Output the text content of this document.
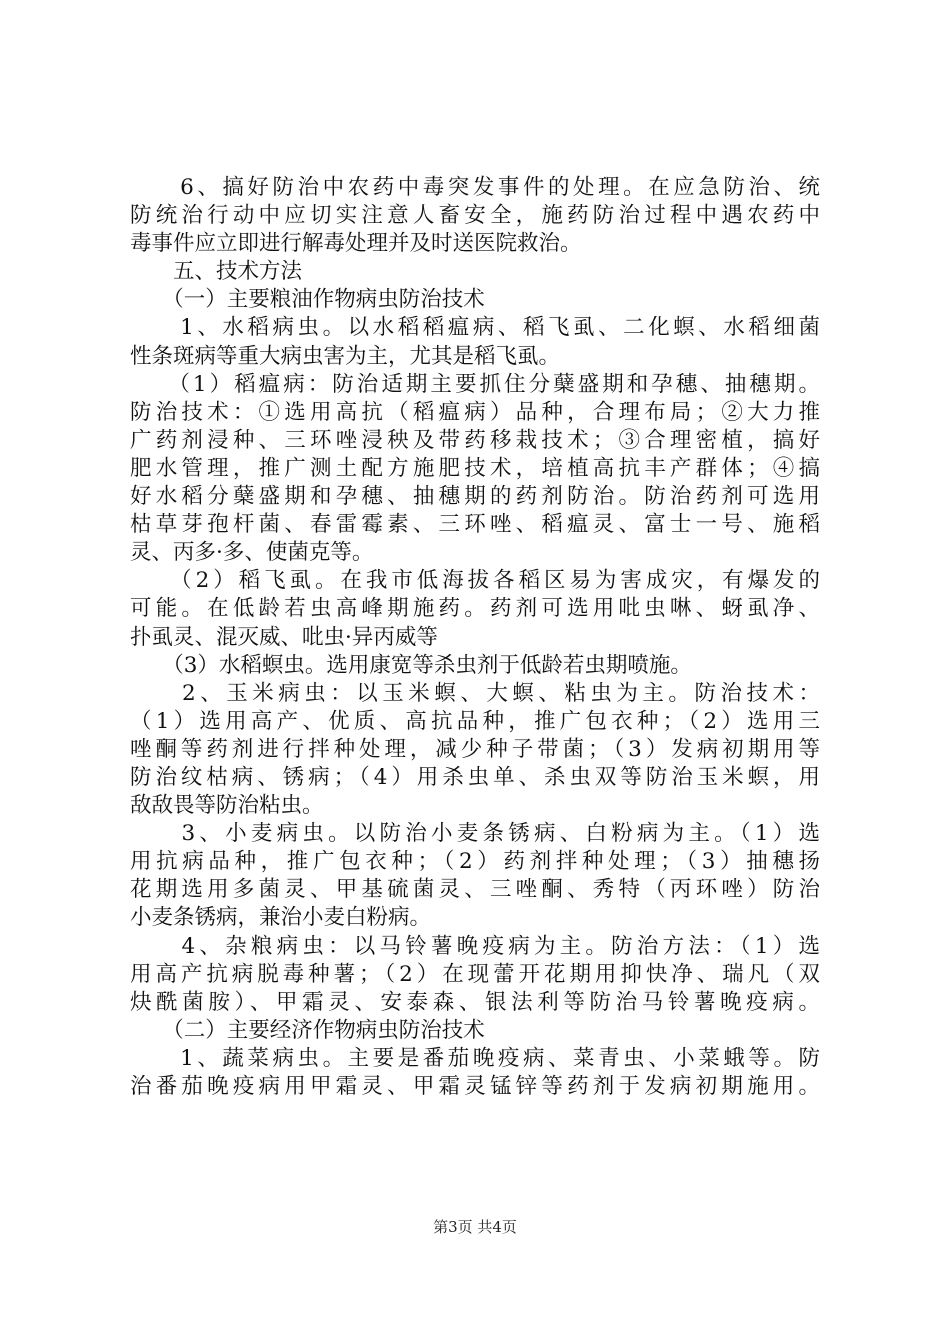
　　6、搞好防治中农药中毒突发事件的处理。在应急防治、统
防统治行动中应切实注意人畜安全，施药防治过程中遇农药中
毒事件应立即进行解毒处理并及时送医院救治。
　　五、技术方法
　　（一）主要粮油作物病虫防治技术
　　1、水稻病虫。以水稻稻瘟病、稻飞虱、二化螟、水稻细菌
性条斑病等重大病虫害为主，尤其是稻飞虱。
　　（1）稻瘟病：防治适期主要抓住分蘖盛期和孕穗、抽穗期。
防治技术：①选用高抗（稻瘟病）品种，合理布局；②大力推
广药剂浸种、三环唑浸秧及带药移栽技术；③合理密植，搞好
肥水管理，推广测土配方施肥技术，培植高抗丰产群体；④搞
好水稻分蘖盛期和孕穗、抽穗期的药剂防治。防治药剂可选用
枯草芽孢杆菌、春雷霉素、三环唑、稻瘟灵、富士一号、施稻
灵、丙多·多、使菌克等。
　　（2）稻飞虱。在我市低海拔各稻区易为害成灾，有爆发的
可能。在低龄若虫高峰期施药。药剂可选用吡虫啉、蚜虱净、
扑虱灵、混灭威、吡虫·异丙威等
　　（3）水稻螟虫。选用康宽等杀虫剂于低龄若虫期喷施。
　　2、玉米病虫：以玉米螟、大螟、粘虫为主。防治技术：
（1）选用高产、优质、高抗品种，推广包衣种；（2）选用三
唑酮等药剂进行拌种处理，减少种子带菌；（3）发病初期用等
防治纹枯病、锈病；（4）用杀虫单、杀虫双等防治玉米螟，用
敌敌畏等防治粘虫。
　　3、小麦病虫。以防治小麦条锈病、白粉病为主。（1）选
用抗病品种，推广包衣种；（2）药剂拌种处理；（3）抽穗扬
花期选用多菌灵、甲基硫菌灵、三唑酮、秀特（丙环唑）防治
小麦条锈病，兼治小麦白粉病。
　　4、杂粮病虫：以马铃薯晚疫病为主。防治方法：（1）选
用高产抗病脱毒种薯；（2）在现蕾开花期用抑快净、瑞凡（双
炔酰菌胺）、甲霜灵、安泰森、银法利等防治马铃薯晚疫病。
　　（二）主要经济作物病虫防治技术
　　1、蔬菜病虫。主要是番茄晚疫病、菜青虫、小菜蛾等。防
治番茄晚疫病用甲霜灵、甲霜灵锰锌等药剂于发病初期施用。
第3页 共4页
